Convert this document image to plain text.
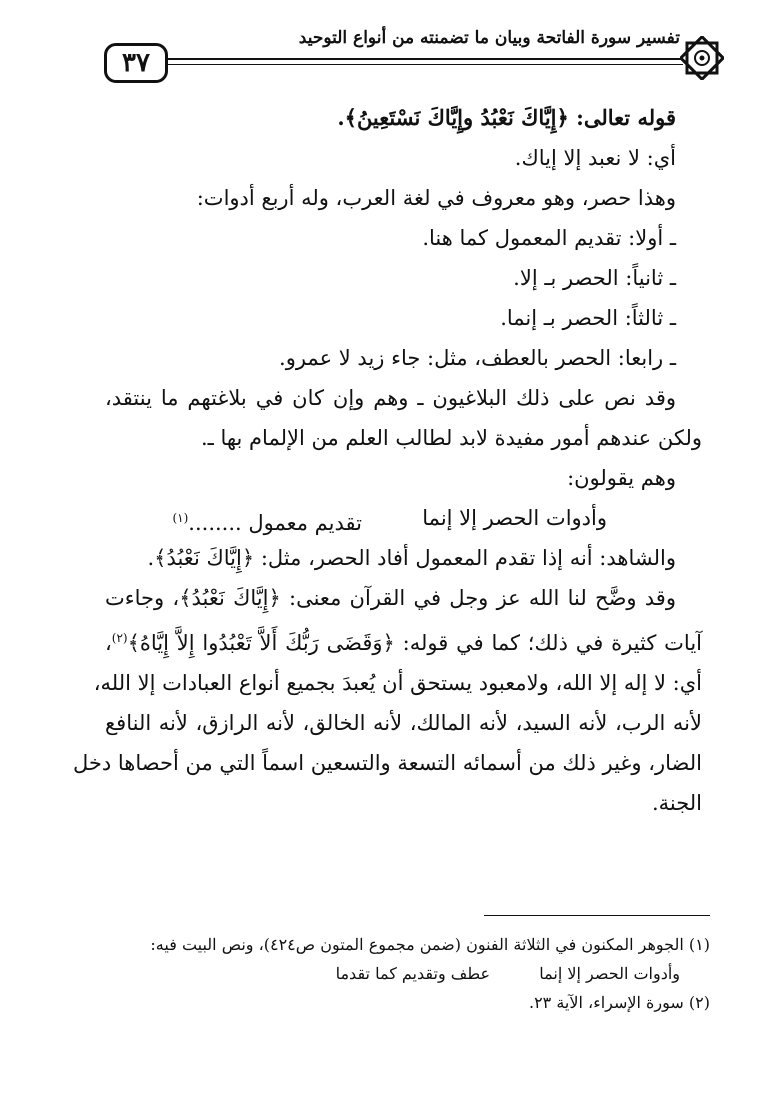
٣٧
تفسير سورة الفاتحة وبيان ما تضمنته من أنواع التوحيد

قوله تعالى: ﴿إِيَّاكَ نَعْبُدُ وإِيَّاكَ نَسْتَعِينُ﴾.

أي: لا نعبد إلا إياك.

وهذا حصر، وهو معروف في لغة العرب، وله أربع أدوات:

ـ أولا: تقديم المعمول كما هنا.

ـ ثانياً: الحصر بـ إلا.

ـ ثالثاً: الحصر بـ إنما.

ـ رابعا: الحصر بالعطف، مثل: جاء زيد لا عمرو.

وقد نص على ذلك البلاغيون ـ وهم وإن كان في بلاغتهم ما ينتقد،

ولكن عندهم أمور مفيدة لابد لطالب العلم من الإلمام بها ـ.

وهم يقولون:

وأدوات الحصر إلا إنما
تقديم معمول ........$^{(١)}$

والشاهد: أنه إذا تقدم المعمول أفاد الحصر، مثل: ﴿إِيَّاكَ نَعْبُدُ﴾.

وقد وضَّح لنا الله عز وجل في القرآن معنى: ﴿إِيَّاكَ نَعْبُدُ﴾، وجاءت

آيات كثيرة في ذلك؛ كما في قوله: ﴿وَقَضَى رَبُّكَ أَلاَّ تَعْبُدُوا إِلاَّ إِيَّاهُ﴾$^{(٢)}$،

أي: لا إله إلا الله، ولامعبود يستحق أن يُعبدَ بجميع أنواع العبادات إلا الله،

لأنه الرب، لأنه السيد، لأنه المالك، لأنه الخالق، لأنه الرازق، لأنه النافع

الضار، وغير ذلك من أسمائه التسعة والتسعين اسماً التي من أحصاها دخل

الجنة.

(١) الجوهر المكنون في الثلاثة الفنون (ضمن مجموع المتون ص٤٢٤)، ونص البيت فيه:

وأدوات الحصر إلا إنما
عطف وتقديم كما تقدما

(٢) سورة الإسراء، الآية ٢٣.
